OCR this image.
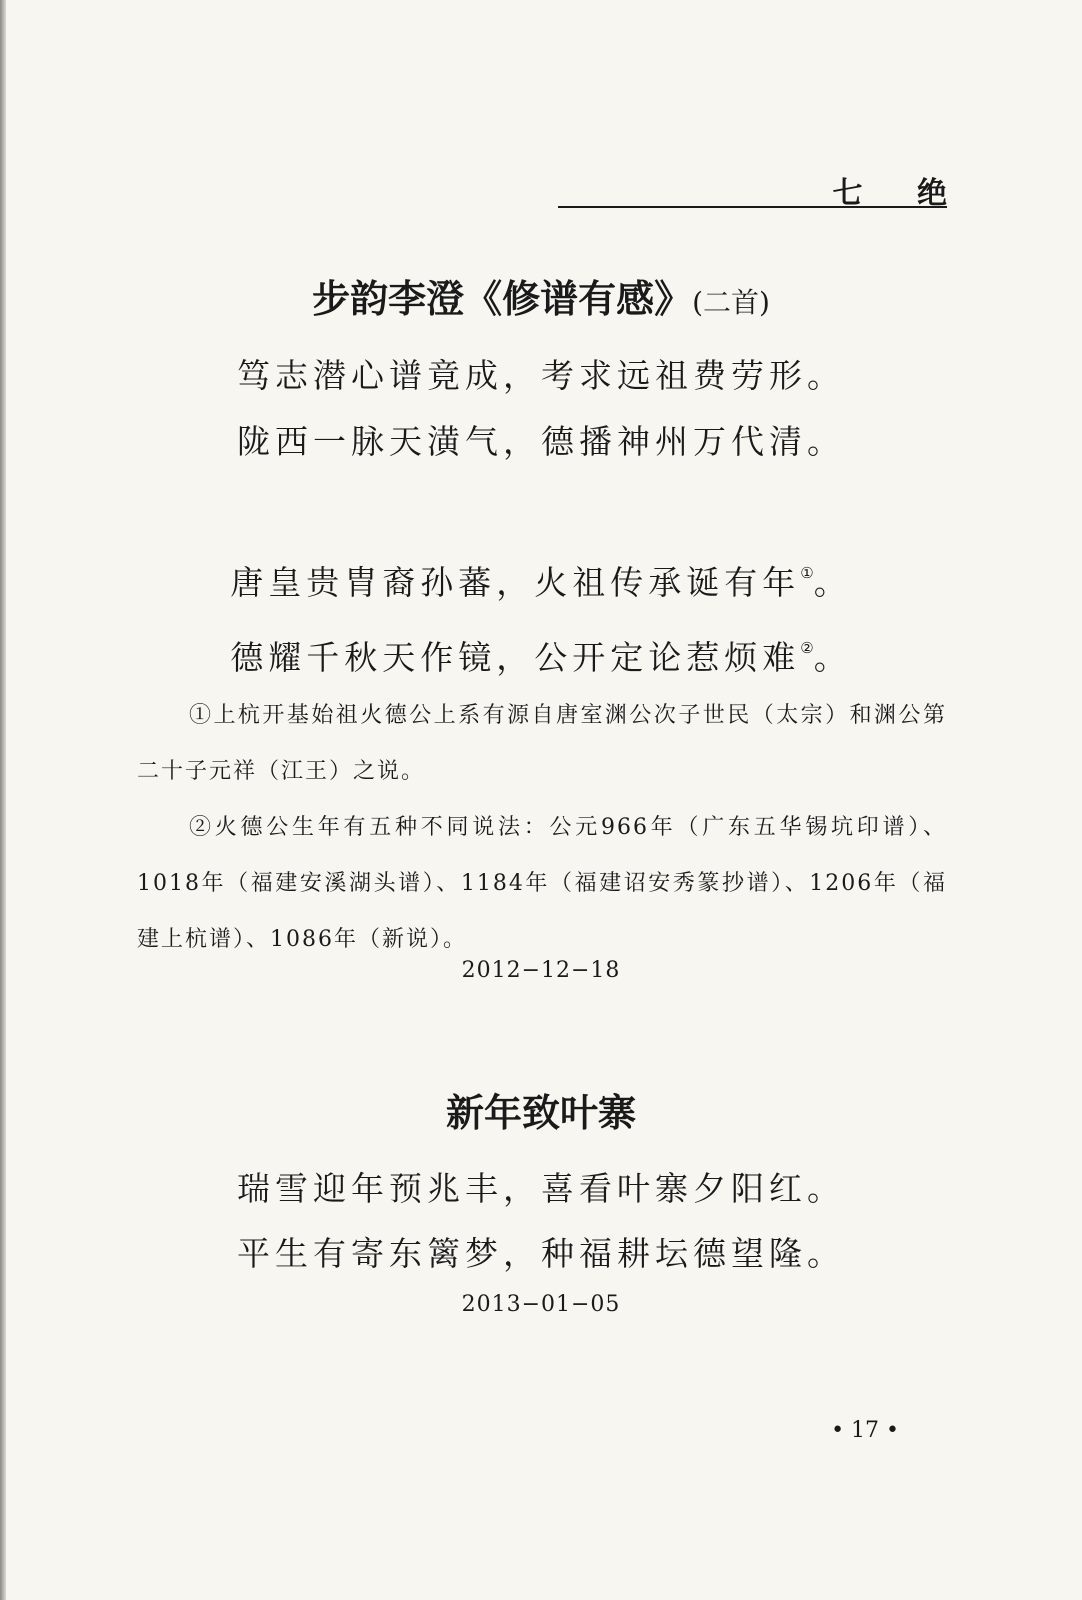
七 绝
步韵李澄《修谱有感》(二首)
笃志潜心谱竟成，考求远祖费劳形。
陇西一脉天潢气，德播神州万代清。
唐皇贵胄裔孙蕃，火祖传承诞有年①。
德耀千秋天作镜，公开定论惹烦难②。

①上杭开基始祖火德公上系有源自唐室渊公次子世民（太宗）和渊公第二十子元祥（江王）之说。

②火德公生年有五种不同说法：公元966年（广东五华锡坑印谱）、1018年（福建安溪湖头谱）、1184年（福建诏安秀篆抄谱）、1206年（福建上杭谱）、1086年（新说）。

2012−12−18
新年致叶寨
瑞雪迎年预兆丰，喜看叶寨夕阳红。
平生有寄东篱梦，种福耕坛德望隆。
2013−01−05
• 17 •
